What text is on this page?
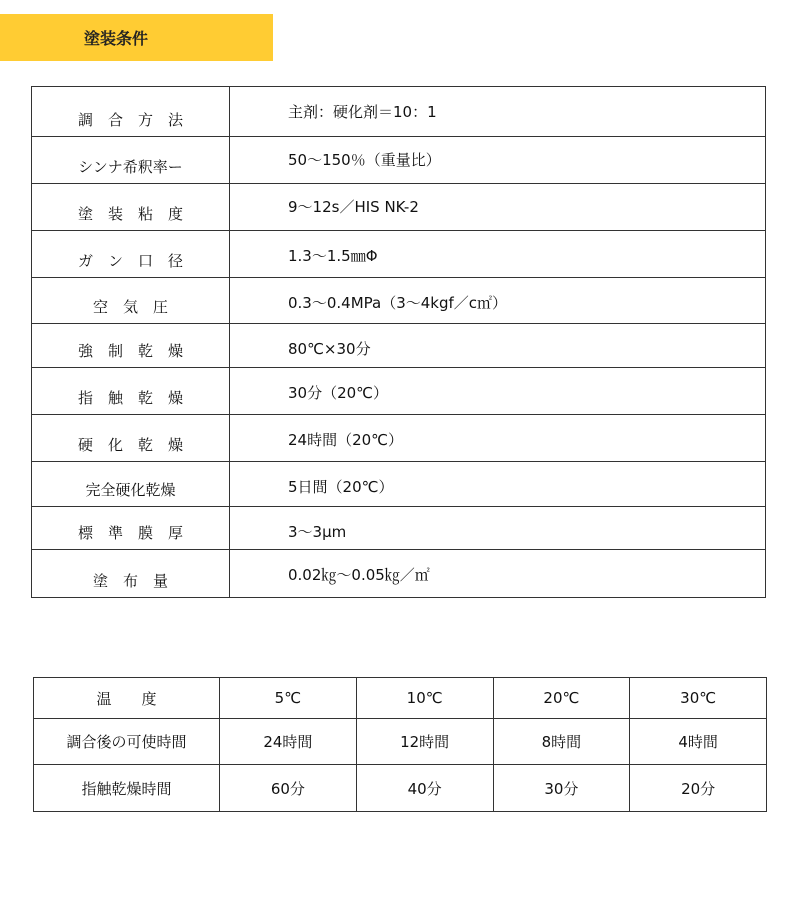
塗装条件
調　合　方　法	主剤：硬化剤＝10：1
シンナ希釈率ー	50～150％（重量比）
塗　装　粘　度	9～12s／HIS NK-2
ガ　ン　口　径	1.3～1.5㎜Φ
空　気　圧	0.3～0.4MPa（3～4kgf／c㎡）
強　制　乾　燥	80℃×30分
指　触　乾　燥	30分（20℃）
硬　化　乾　燥	24時間（20℃）
完全硬化乾燥	5日間（20℃）
標　準　膜　厚	3～3μm
塗　布　量	0.02㎏～0.05㎏／㎡
温　　度	5℃	10℃	20℃	30℃
調合後の可使時間	24時間	12時間	8時間	4時間
指触乾燥時間	60分	40分	30分	20分
